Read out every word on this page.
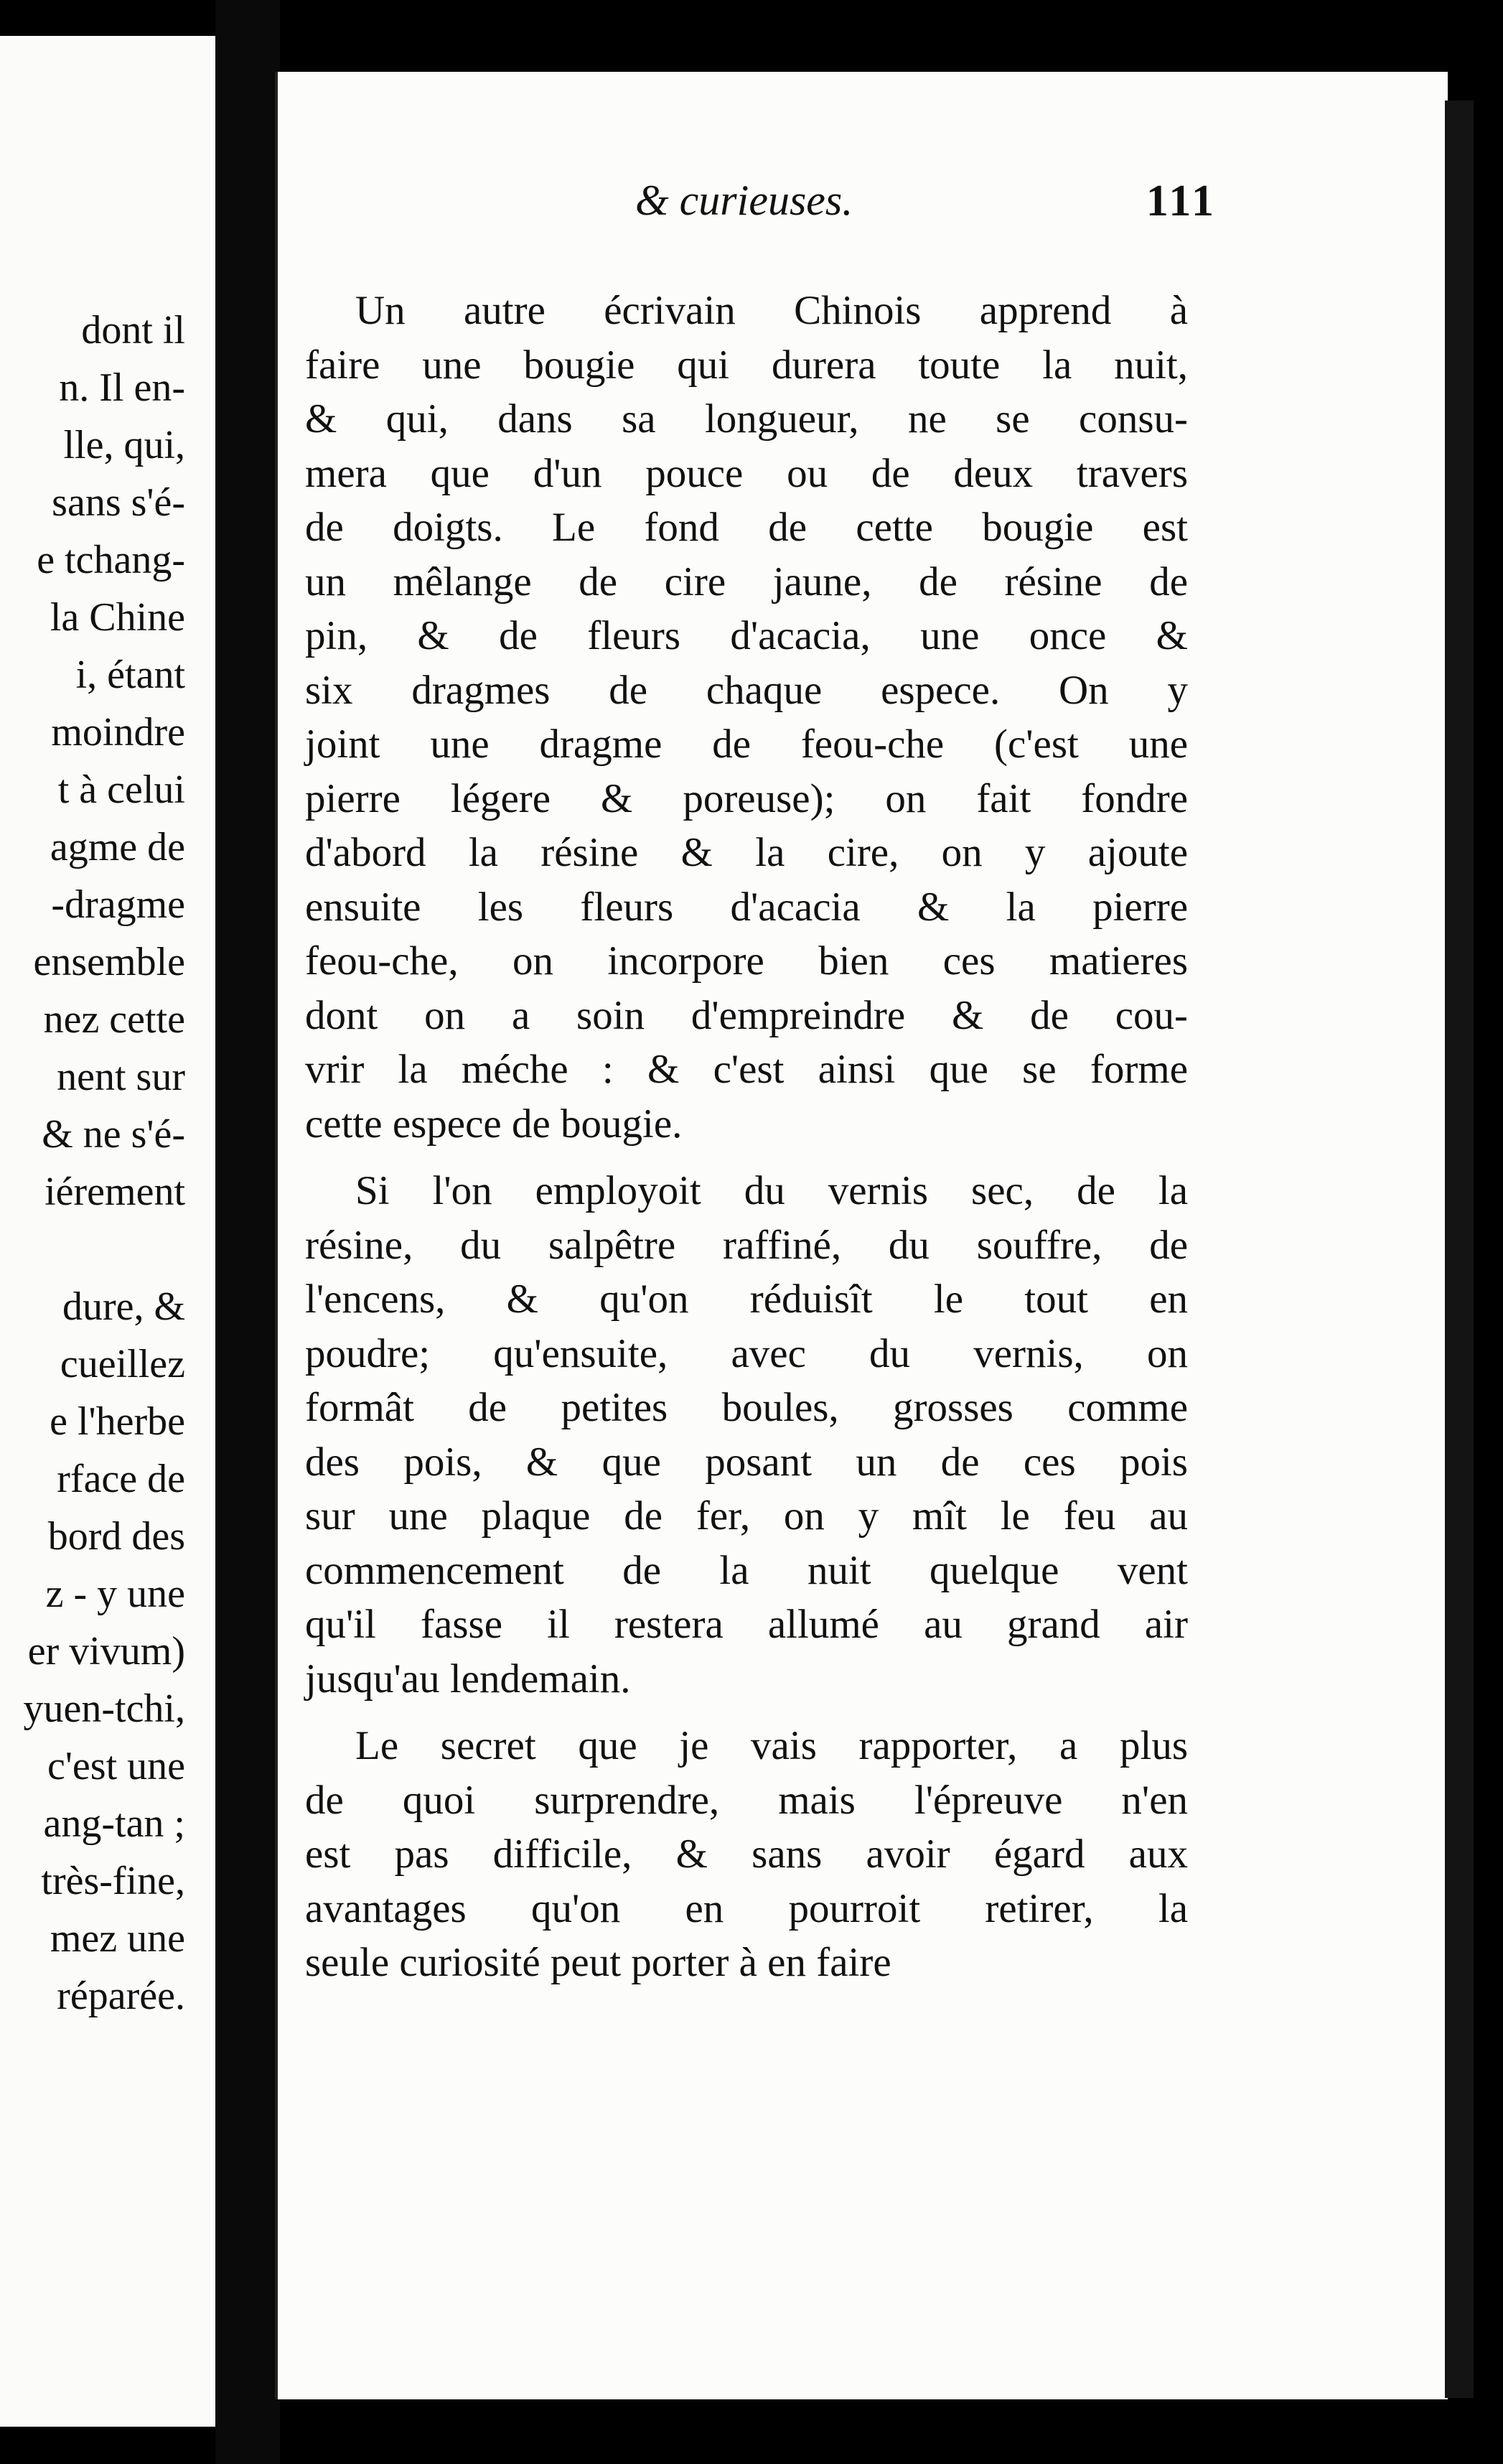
dont il
n. Il en-
lle, qui,
sans s'é-
e tchang-
la Chine
i, étant
moindre
t à celui
agme de
-dragme
ensemble
nez cette
nent sur
& ne s'é-
iérement
dure, &
cueillez
e l'herbe
rface de
bord des
z - y une
er vivum)
yuen-tchi,
c'est une
ang-tan ;
très-fine,
mez une
réparée.
& curieuses.	111
Un autre écrivain Chinois apprend à
faire une bougie qui durera toute la nuit,
& qui, dans sa longueur, ne se consu-
mera que d'un pouce ou de deux travers
de doigts. Le fond de cette bougie est
un mêlange de cire jaune, de résine de
pin, & de fleurs d'acacia, une once &
six dragmes de chaque espece. On y
joint une dragme de feou-che (c'est une
pierre légere & poreuse); on fait fondre
d'abord la résine & la cire, on y ajoute
ensuite les fleurs d'acacia & la pierre
feou-che, on incorpore bien ces matieres
dont on a soin d'empreindre & de cou-
vrir la méche : & c'est ainsi que se forme
cette espece de bougie.
Si l'on employoit du vernis sec, de la
résine, du salpêtre raffiné, du souffre, de
l'encens, & qu'on réduisît le tout en
poudre; qu'ensuite, avec du vernis, on
formât de petites boules, grosses comme
des pois, & que posant un de ces pois
sur une plaque de fer, on y mît le feu au
commencement de la nuit quelque vent
qu'il fasse il restera allumé au grand air
jusqu'au lendemain.
Le secret que je vais rapporter, a plus
de quoi surprendre, mais l'épreuve n'en
est pas difficile, & sans avoir égard aux
avantages qu'on en pourroit retirer, la
seule curiosité peut porter à en faire
